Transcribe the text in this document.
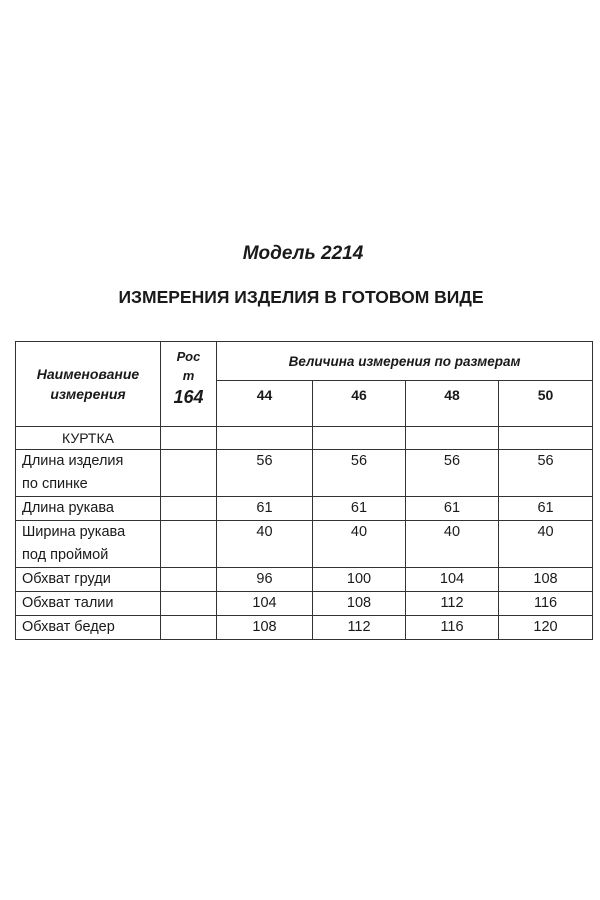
Модель 2214
ИЗМЕРЕНИЯ ИЗДЕЛИЯ В ГОТОВОМ ВИДЕ
Наименование
измерения	Рос
т
164	Величина измерения по размерам			
		44	46	48	50
КУРТКА					
Длина изделия
по спинке		56	56	56	56
Длина рукава		61	61	61	61
Ширина рукава
под проймой		40	40	40	40
Обхват груди		96	100	104	108
Обхват талии		104	108	112	116
Обхват бедер		108	112	116	120
